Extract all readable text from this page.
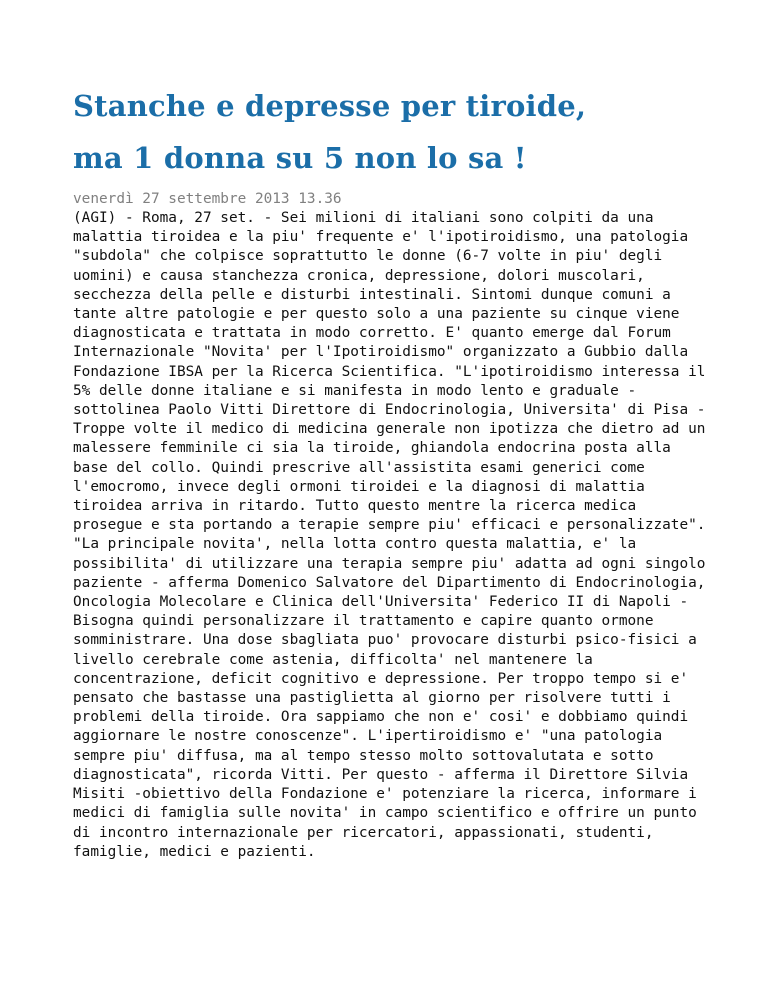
Stanche e depresse per tiroide,
ma 1 donna su 5 non lo sa !
venerdì 27 settembre 2013 13.36

(AGI) - Roma, 27 set. - Sei milioni di italiani sono colpiti da una malattia tiroidea e la piu' frequente e' l'ipotiroidismo, una patologia "subdola" che colpisce soprattutto le donne (6-7 volte in piu' degli uomini) e causa stanchezza cronica, depressione, dolori muscolari, secchezza della pelle e disturbi intestinali. Sintomi dunque comuni a tante altre patologie e per questo solo a una paziente su cinque viene diagnosticata e trattata in modo corretto. E' quanto emerge dal Forum Internazionale "Novita' per l'Ipotiroidismo" organizzato a Gubbio dalla Fondazione IBSA per la Ricerca Scientifica. "L'ipotiroidismo interessa il 5% delle donne italiane e si manifesta in modo lento e graduale - sottolinea Paolo Vitti Direttore di Endocrinologia, Universita' di Pisa - Troppe volte il medico di medicina generale non ipotizza che dietro ad un malessere femminile ci sia la tiroide, ghiandola endocrina posta alla base del collo. Quindi prescrive all'assistita esami generici come l'emocromo, invece degli ormoni tiroidei e la diagnosi di malattia tiroidea arriva in ritardo. Tutto questo mentre la ricerca medica prosegue e sta portando a terapie sempre piu' efficaci e personalizzate". "La principale novita', nella lotta contro questa malattia, e' la possibilita' di utilizzare una terapia sempre piu' adatta ad ogni singolo paziente - afferma Domenico Salvatore del Dipartimento di Endocrinologia, Oncologia Molecolare e Clinica dell'Universita' Federico II di Napoli - Bisogna quindi personalizzare il trattamento e capire quanto ormone somministrare. Una dose sbagliata puo' provocare disturbi psico-fisici a livello cerebrale come astenia, difficolta' nel mantenere la concentrazione, deficit cognitivo e depressione. Per troppo tempo si e' pensato che bastasse una pastiglietta al giorno per risolvere tutti i problemi della tiroide. Ora sappiamo che non e' cosi' e dobbiamo quindi aggiornare le nostre conoscenze". L'ipertiroidismo e' "una patologia sempre piu' diffusa, ma al tempo stesso molto sottovalutata e sotto diagnosticata", ricorda Vitti. Per questo - afferma il Direttore Silvia Misiti -obiettivo della Fondazione e' potenziare la ricerca, informare i medici di famiglia sulle novita' in campo scientifico e offrire un punto di incontro internazionale per ricercatori, appassionati, studenti, famiglie, medici e pazienti.
